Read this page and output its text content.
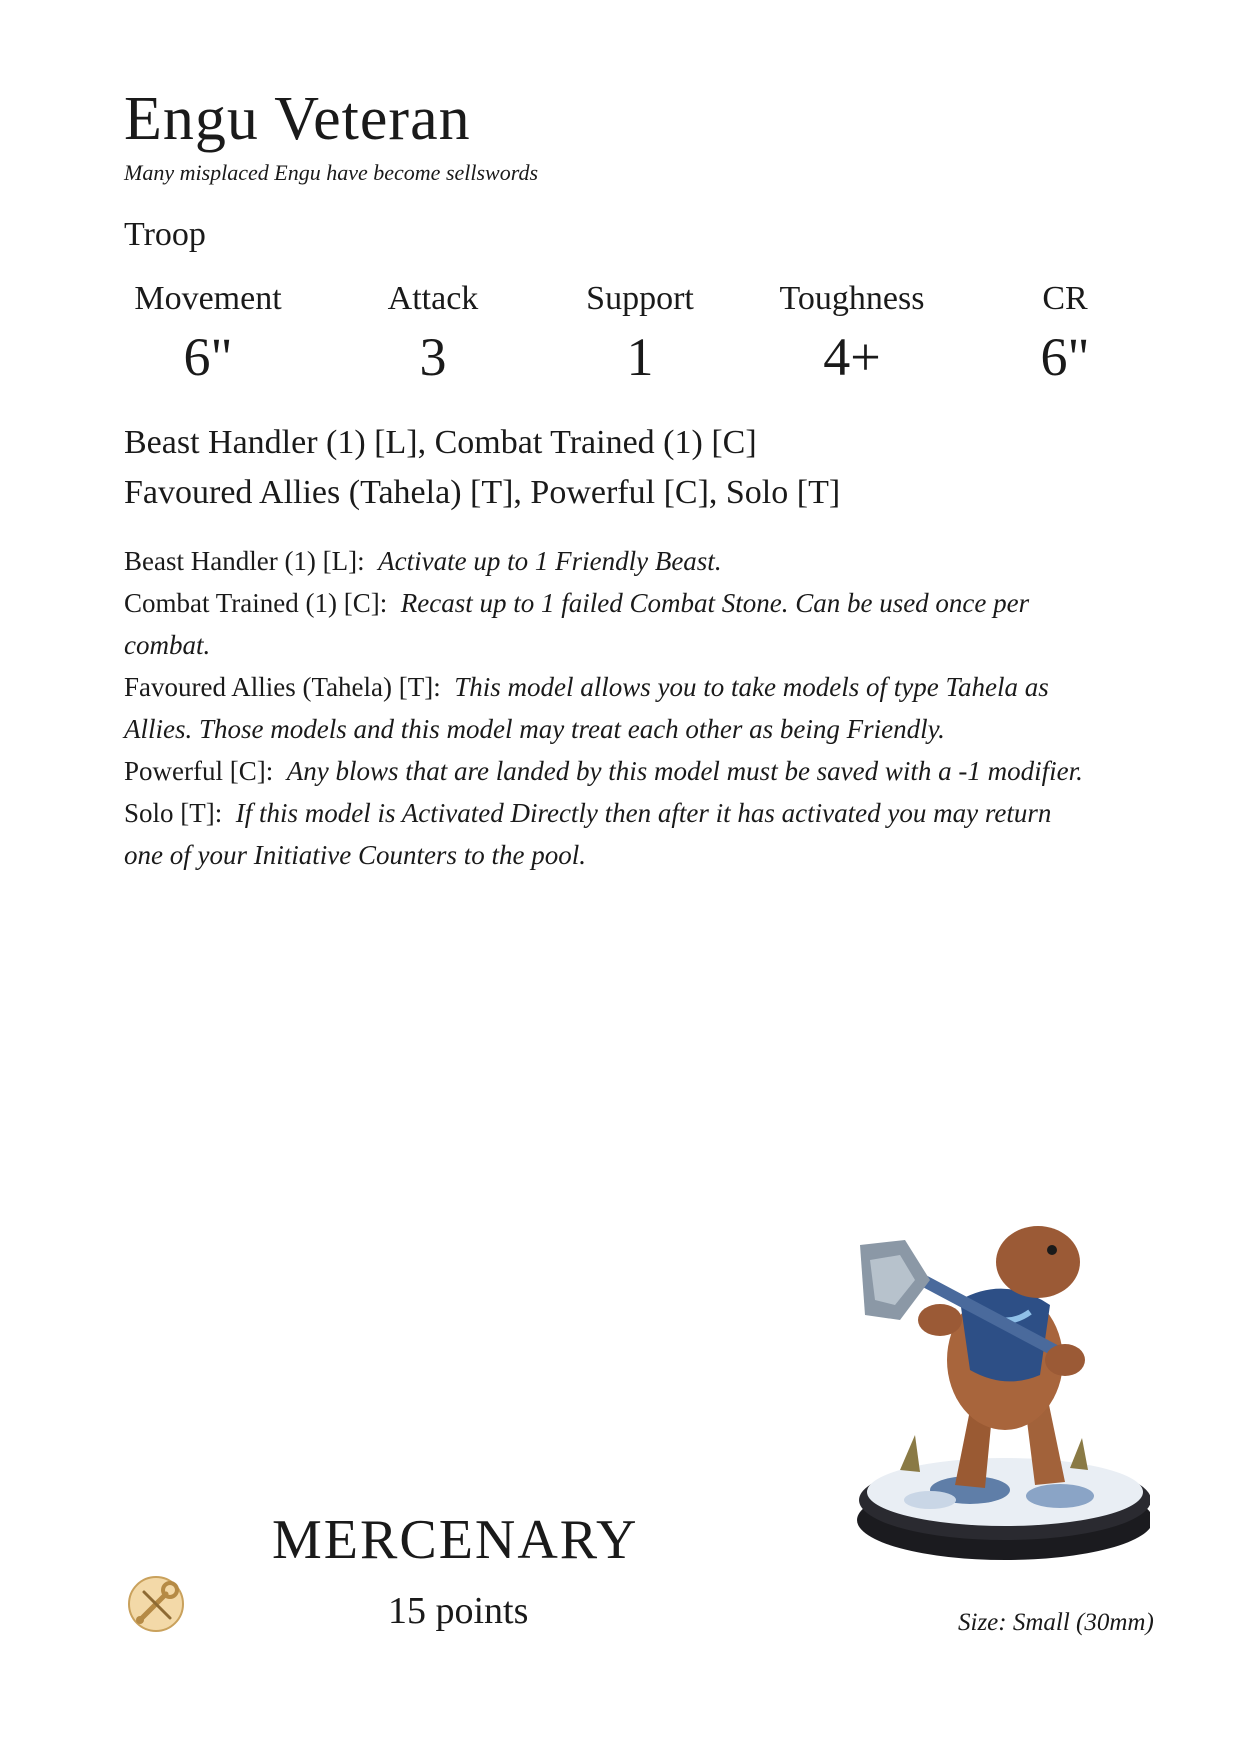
Engu Veteran
Many misplaced Engu have become sellswords
Troop
Movement
6"
Attack
3
Support
1
Toughness
4+
CR
6"
Beast Handler (1) [L], Combat Trained (1) [C]
Favoured Allies (Tahela) [T], Powerful [C], Solo [T]

Beast Handler (1) [L]: Activate up to 1 Friendly Beast.

Combat Trained (1) [C]: Recast up to 1 failed Combat Stone. Can be used once per combat.

Favoured Allies (Tahela) [T]: This model allows you to take models of type Tahela as Allies. Those models and this model may treat each other as being Friendly.

Powerful [C]: Any blows that are landed by this model must be saved with a -1 modifier.

Solo [T]: If this model is Activated Directly then after it has activated you may return one of your Initiative Counters to the pool.

MERCENARY
15 points	Size: Small (30mm)
